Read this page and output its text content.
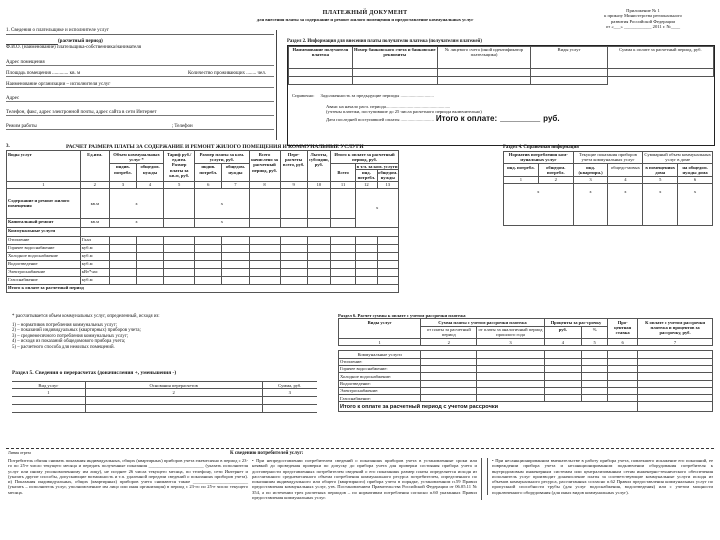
1. Сведения о плательщике и исполнителе услуг
(расчетный период)
Ф.И.О. (наименование) плательщика-собственника/нанимателя
Адрес помещения
Площадь помещения ............. кв. м	Количество проживающих ........ чел.
Наименование организации – исполнителя услуг
Адрес
Телефон, факс, адрес электронной почты, адрес сайта в сети Интернет
Режим работы	; Телефон
ПЛАТЕЖНЫЙ ДОКУМЕНТ
для внесения платы за содержание и ремонт жилого помещения и предоставление коммунальных услуг
Приложение № 1
к приказу Министерства регионального
развития Российской Федерации
от «___» ____________ 2011 г. №____
Раздел 2. Информация для внесения платы получателю платежа (получателям платежей)
Наименование получателя платежа	Номер банковского счета и банковские реквизиты	№ лицевого счета (иной идентификатор плательщика)	Виды услуг	Сумма к оплате за расчетный период, руб.

Справочно: Задолженность за предыдущие периоды .............................
Аванс на начало расч. периода........................................................
(учтены платежи, поступившие до 25 числа расчетного периода включительно)
Дата последней поступившей оплаты ............................. Итого к оплате: __________ руб.
3.	РАСЧЕТ РАЗМЕРА ПЛАТЫ ЗА СОДЕРЖАНИЕ И РЕМОНТ ЖИЛОГО ПОМЕЩЕНИЯ И КОММУНАЛЬНЫЕ УСЛУГИ
Виды услуг	Ед.изм.	Объем коммунальных услуг *		Тариф руб./ед.изм. Размер платы за кв.м, руб.	Размер платы за ком. услуги, руб.		Всего начислено за расчетный период, руб.	Пере-расчеты всего, руб.	Льготы, субсидии, руб.	Итого к оплате за расчетный период, руб.		
		индив. потребл.	общедом. нужды		индив. потребл.	общедом. нужды				Всего	в т.ч. за ком. услуги
инд. потребл.
общедом. нужды	

1	2	3	4	5	6	7	8	9	10	11	12	13
Содержание и ремонт жилого помещения	кв.м	х			х						х	
Капитальный ремонт	кв.м	х			х							
Коммунальные услуги												
Отопление	Гкал											
Горячее водоснабжение	куб.м											
Холодное водоснабжение	куб.м											
Водоотведение	куб.м											
Электроснабжение	кВт*час											
Газоснабжение	куб.м											
Итого к оплате за расчетный период												
Раздел 4. Справочная информация
Норматив потребления ком-мунальных услуг		Текущие показания приборов учета коммунальных услуг		Суммарный объем коммунальных услуг в доме	
инд. потребл.	общедом. потребл.	инд. (квартирн.)	общедо-мовых	в помещениях дома	на общедом. нужды дома
1	2	3	4	5	6
х		х	х	х	х
* рассчитывается объем коммунальных услуг, определенный, исходя из:
1) – нормативов потребления коммунальных услуг;
2) – показаний индивидуальных (квартирных) приборов учета;
3) – среднемесячного потребления коммунальных услуг;
4) – исходя из показаний общедомового прибора учета;
5) – расчетного способа для нежилых помещений.
Раздел 5. Сведения о перерасчетах (доначисления +, уменьшения -)
Вид услуг	Основания перерасчетов	Сумма, руб.
1	2	3

Раздел 6. Расчет суммы к оплате с учетом рассрочки платежа
Виды услуг	Сумма платы с учетом рассрочки платежа		Проценты за рас-срочку		Про-центная ставка	К оплате с учетом рассрочки платежа и процентов за рассрочку, руб.
	от платы за расчетный период	от платы за аналогичный период прошлого года	руб.	%		
1	2	3	4	5	6	7

Коммунальные услуги						
Отопление:						
Горячее водоснабжение:						
Холодное водоснабжение:						
Водоотведение:						
Электроснабжение:						
Газоснабжение:						
Итого к оплате за расчетный период с учетом рассрочки						
Линия отреза	К сведению потребителей услуг:
Потребитель обязан снимать показания индивидуальных, общих (квартирных) приборов учета ежемесячно в период с 23-го по 25-е число текущего месяца и передать полученные показания ________________________ (указать исполнителя услуг или иному уполномоченному им лицу), не позднее 26 числа текущего месяца, по телефону, сети Интернет и (указать другие способы, допускающие возможность и т.п. удаленной передачи сведений о показаниях приборов учета). и) Показания индивидуальных, общих (квартирных) приборов учета снимаются также ________________________ (указать – исполнитель услуг, уполномоченное им лицо или иная организация) в период с 23-го по 25-е число текущего месяца.
• При непредоставлении потребителем сведений о показаниях приборов учета в установленные сроки или неявкой до проведения проверки по допуску до прибора учета для проверки состояния прибора учета и достоверности представленных потребителем сведений о его показаниях размер платы определяется исходя из рассчитанного среднемесячного объема потребления коммунального ресурса потребителем, определенного по показаниям индивидуального или общего (квартирного) прибора учета в порядке, установленном п.59 Правил предоставления коммунальных услуг, утв. Постановлением Правительства Российской Федерации от 06.05.11 № 354, а по истечении трех расчетных периодов – по нормативам потребления согласно п.60 указанных Правил предоставления коммунальных услуг.
• При несанкционированном вмешательстве в работу прибора учета, повлекшего искажение его показаний, ее повреждении прибора учета и несанкционированном подключении оборудования потребителя к внутридомовым инженерным системам или централизованным сетям инженерно-технического обеспечения исполнитель услуг производит доначисление платы за соответствующие коммунальные услуги исходя из объемов коммунального ресурса, рассчитанных согласно п.62 Правил предоставления коммунальных услуг по пропускной способности трубы (для услуг водоснабжения, водоотведения) или с учетом мощности подключенного оборудования (для иных видов коммунальных услуг).
